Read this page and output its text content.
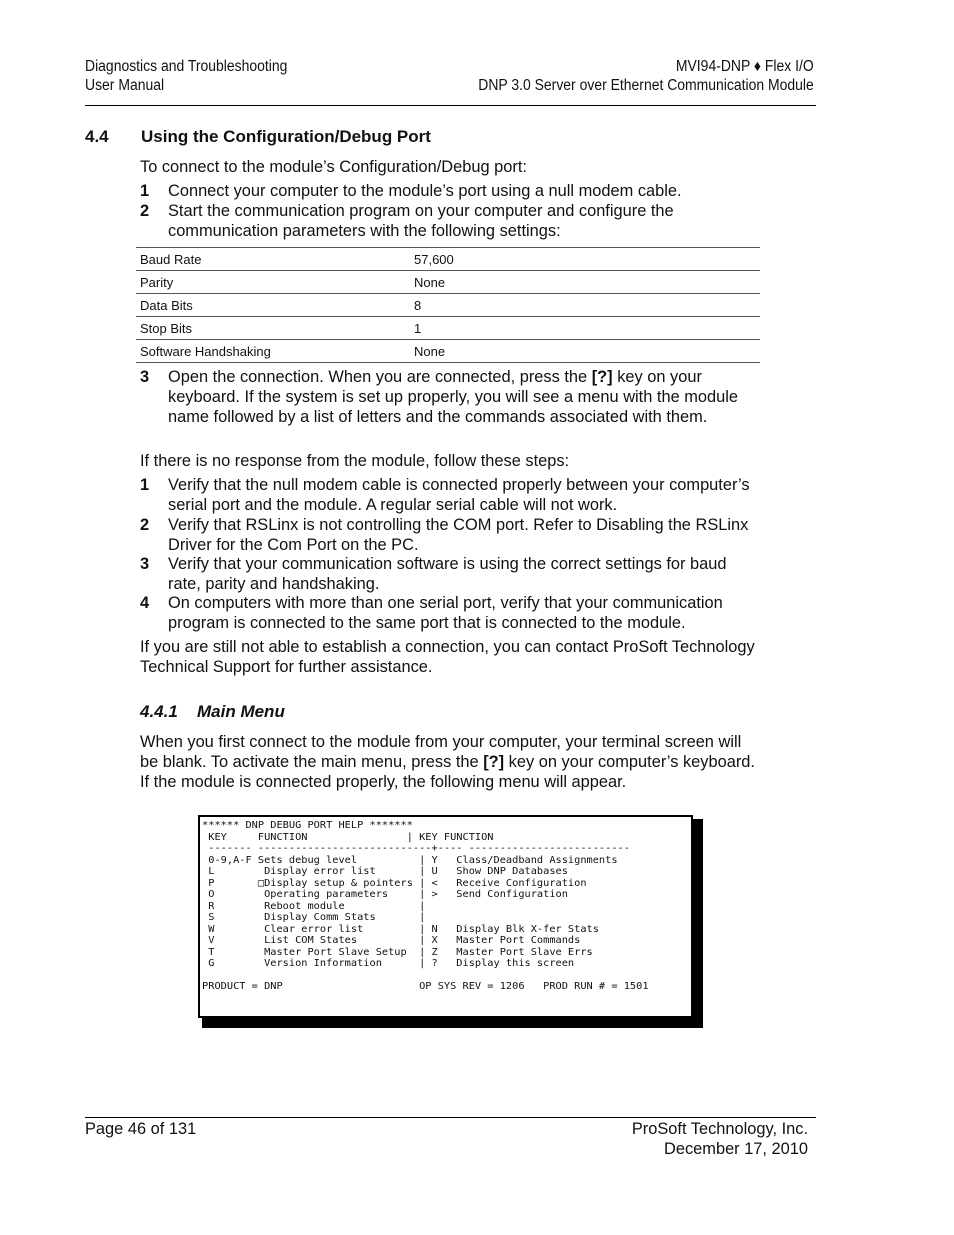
Diagnostics and Troubleshooting
User Manual
MVI94-DNP ♦ Flex I/O
DNP 3.0 Server over Ethernet Communication Module
4.4 Using the Configuration/Debug Port
To connect to the module’s Configuration/Debug port:
1 Connect your computer to the module’s port using a null modem cable.
2 Start the communication program on your computer and configure the communication parameters with the following settings:
Baud Rate	57,600
Parity	None
Data Bits	8
Stop Bits	1
Software Handshaking	None
3 Open the connection. When you are connected, press the [?] key on your keyboard. If the system is set up properly, you will see a menu with the module name followed by a list of letters and the commands associated with them.
If there is no response from the module, follow these steps:
1 Verify that the null modem cable is connected properly between your computer’s serial port and the module. A regular serial cable will not work.
2 Verify that RSLinx is not controlling the COM port. Refer to Disabling the RSLinx Driver for the Com Port on the PC.
3 Verify that your communication software is using the correct settings for baud rate, parity and handshaking.
4 On computers with more than one serial port, verify that your communication program is connected to the same port that is connected to the module.
If you are still not able to establish a connection, you can contact ProSoft Technology Technical Support for further assistance.
4.4.1 Main Menu
When you first connect to the module from your computer, your terminal screen will be blank. To activate the main menu, press the [?] key on your computer’s keyboard. If the module is connected properly, the following menu will appear.
****** DNP DEBUG PORT HELP *******
KEY     FUNCTION                | KEY FUNCTION
------- ----------------------------+---- --------------------------
0-9,A-F Sets debug level          | Y   Class/Deadband Assignments
L        Display error list       | U   Show DNP Databases
P       □Display setup & pointers | <   Receive Configuration
O        Operating parameters     | >   Send Configuration
R        Reboot module            |
S        Display Comm Stats       |
W        Clear error list         | N   Display Blk X-fer Stats
V        List COM States          | X   Master Port Commands
T        Master Port Slave Setup  | Z   Master Port Slave Errs
G        Version Information      | ?   Display this screen

PRODUCT = DNP                      OP SYS REV = 1206   PROD RUN # = 1501
Page 46 of 131	ProSoft Technology, Inc.
December 17, 2010
